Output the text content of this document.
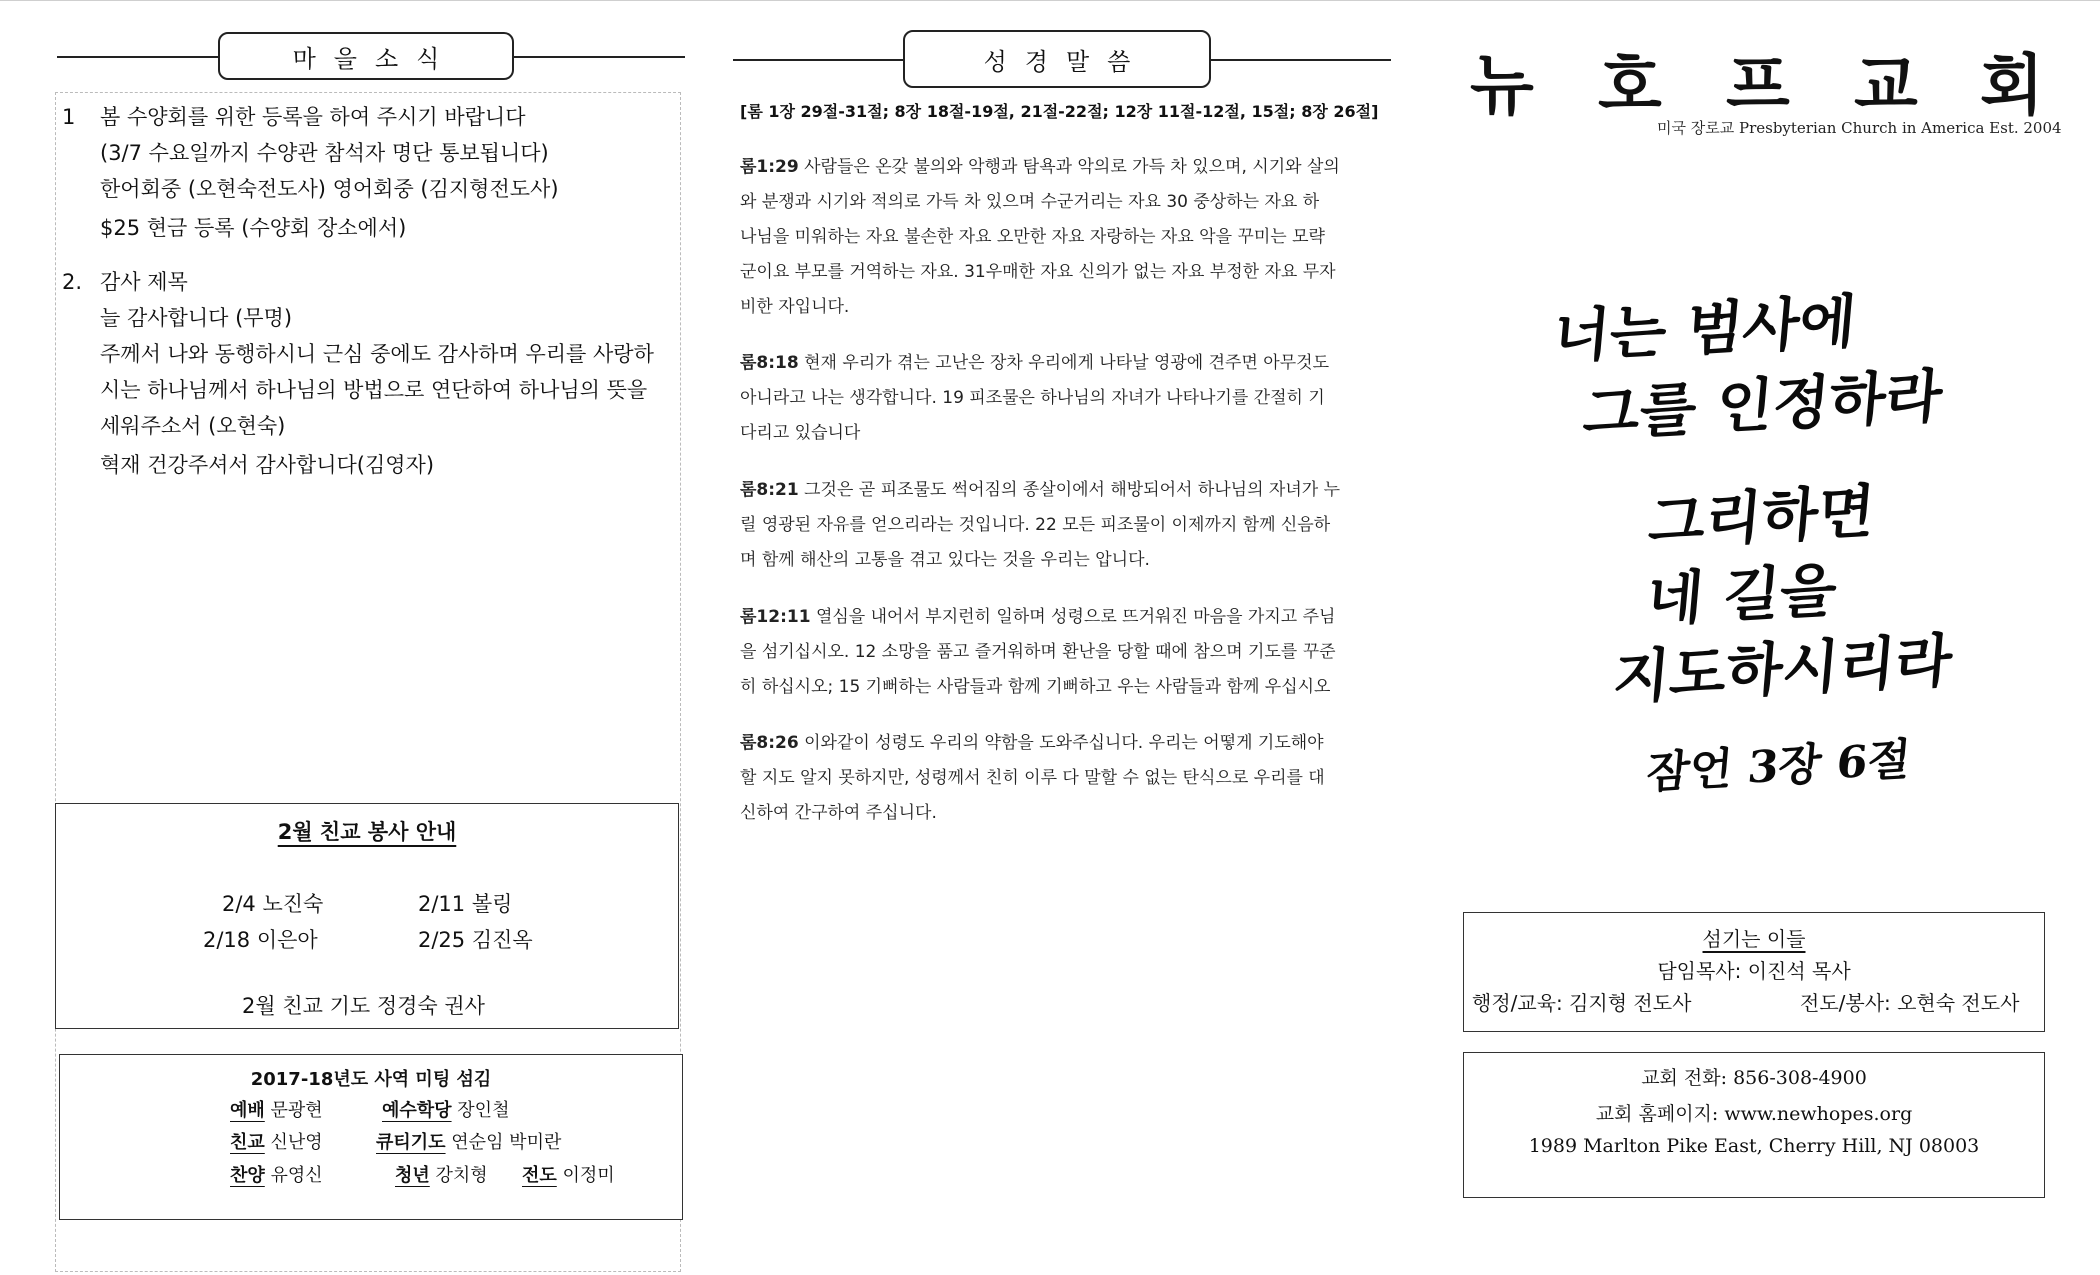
마을소식
1 봄 수양회를 위한 등록을 하여 주시기 바랍니다
(3/7 수요일까지 수양관 참석자 명단 통보됩니다)
한어회중 (오현숙전도사) 영어회중 (김지형전도사)
$25 현금 등록 (수양회 장소에서)
2. 감사 제목
늘 감사합니다 (무명)
주께서 나와 동행하시니 근심 중에도 감사하며 우리를 사랑하
시는 하나님께서 하나님의 방법으로 연단하여 하나님의 뜻을
세워주소서 (오현숙)
혁재 건강주셔서 감사합니다(김영자)
2월 친교 봉사 안내
2/4 노진숙	2/11 볼링
2/18 이은아	2/25 김진옥
2월 친교 기도 정경숙 권사
2017-18년도 사역 미팅 섬김
예배 문광현	예수학당 장인철
친교 신난영	큐티기도 연순임 박미란
찬양 유영신	청년 강치형 전도 이정미
성경말씀
[롬 1장 29절-31절; 8장 18절-19절, 21절-22절; 12장 11절-12절, 15절; 8장 26절]
롬1:29 사람들은 온갖 불의와 악행과 탐욕과 악의로 가득 차 있으며, 시기와 살의
와 분쟁과 시기와 적의로 가득 차 있으며 수군거리는 자요 30 중상하는 자요 하
나님을 미워하는 자요 불손한 자요 오만한 자요 자랑하는 자요 악을 꾸미는 모략
군이요 부모를 거역하는 자요. 31우매한 자요 신의가 없는 자요 부정한 자요 무자
비한 자입니다.
롬8:18 현재 우리가 겪는 고난은 장차 우리에게 나타날 영광에 견주면 아무것도
아니라고 나는 생각합니다. 19 피조물은 하나님의 자녀가 나타나기를 간절히 기
다리고 있습니다
롬8:21 그것은 곧 피조물도 썩어짐의 종살이에서 해방되어서 하나님의 자녀가 누
릴 영광된 자유를 얻으리라는 것입니다. 22 모든 피조물이 이제까지 함께 신음하
며 함께 해산의 고통을 겪고 있다는 것을 우리는 압니다.
롬12:11 열심을 내어서 부지런히 일하며 성령으로 뜨거워진 마음을 가지고 주님
을 섬기십시오. 12 소망을 품고 즐거워하며 환난을 당할 때에 참으며 기도를 꾸준
히 하십시오; 15 기뻐하는 사람들과 함께 기뻐하고 우는 사람들과 함께 우십시오
롬8:26 이와같이 성령도 우리의 약함을 도와주십니다. 우리는 어떻게 기도해야
할 지도 알지 못하지만, 성령께서 친히 이루 다 말할 수 없는 탄식으로 우리를 대
신하여 간구하여 주십니다.
뉴 호 프 교 회
미국 장로교 Presbyterian Church in America Est. 2004
너는 범사에
그를 인정하라
그리하면
네 길을
지도하시리라
잠언 3장 6절
섬기는 이들
담임목사: 이진석 목사
행정/교육: 김지형 전도사	전도/봉사: 오현숙 전도사
교회 전화: 856-308-4900
교회 홈페이지: www.newhopes.org
1989 Marlton Pike East, Cherry Hill, NJ 08003
